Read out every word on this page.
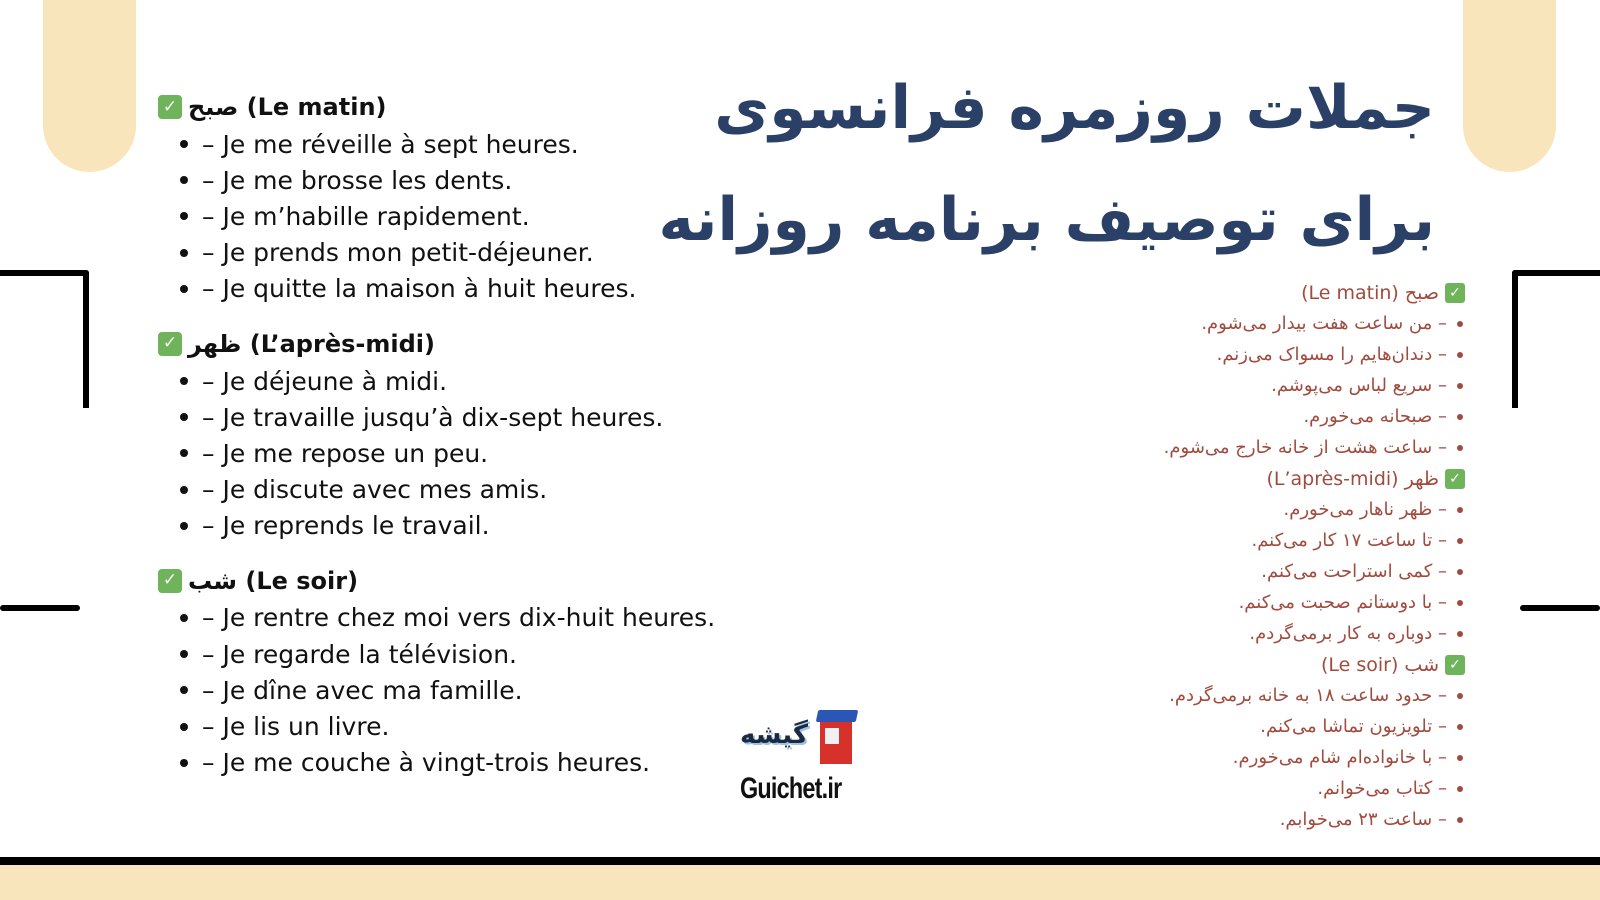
جملات روزمره فرانسوی
برای توصیف برنامه روزانه
✓ صبح (Le matin)
– Je me réveille à sept heures.
– Je me brosse les dents.
– Je m’habille rapidement.
– Je prends mon petit-déjeuner.
– Je quitte la maison à huit heures.
✓ ظهر (L’après-midi)
– Je déjeune à midi.
– Je travaille jusqu’à dix-sept heures.
– Je me repose un peu.
– Je discute avec mes amis.
– Je reprends le travail.
✓ شب (Le soir)
– Je rentre chez moi vers dix-huit heures.
– Je regarde la télévision.
– Je dîne avec ma famille.
– Je lis un livre.
– Je me couche à vingt-trois heures.
✓
صبح (Le matin)
– من ساعت هفت بیدار می‌شوم.
– دندان‌هایم را مسواک می‌زنم.
– سریع لباس می‌پوشم.
– صبحانه می‌خورم.
– ساعت هشت از خانه خارج می‌شوم.
✓
ظهر (L’après-midi)
– ظهر ناهار می‌خورم.
– تا ساعت ۱۷ کار می‌کنم.
– کمی استراحت می‌کنم.
– با دوستانم صحبت می‌کنم.
– دوباره به کار برمی‌گردم.
✓
شب (Le soir)
– حدود ساعت ۱۸ به خانه برمی‌گردم.
– تلویزیون تماشا می‌کنم.
– با خانواده‌ام شام می‌خورم.
– کتاب می‌خوانم.
– ساعت ۲۳ می‌خوابم.
گیشه
Guichet.ir
